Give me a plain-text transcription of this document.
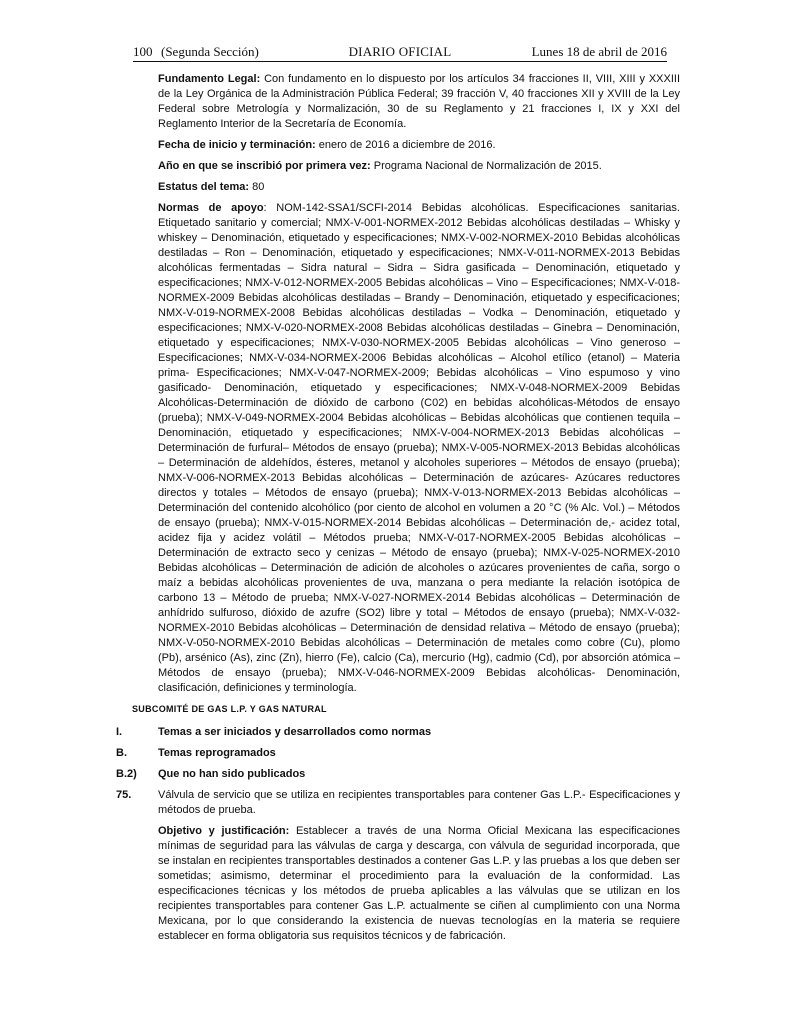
100 (Segunda Sección)	DIARIO OFICIAL	Lunes 18 de abril de 2016

Fundamento Legal: Con fundamento en lo dispuesto por los artículos 34 fracciones II, VIII, XIII y XXXIII de la Ley Orgánica de la Administración Pública Federal; 39 fracción V, 40 fracciones XII y XVIII de la Ley Federal sobre Metrología y Normalización, 30 de su Reglamento y 21 fracciones I, IX y XXI del Reglamento Interior de la Secretaría de Economía.

Fecha de inicio y terminación: enero de 2016 a diciembre de 2016.

Año en que se inscribió por primera vez: Programa Nacional de Normalización de 2015.

Estatus del tema: 80

Normas de apoyo: NOM-142-SSA1/SCFI-2014 Bebidas alcohólicas. Especificaciones sanitarias. Etiquetado sanitario y comercial; NMX-V-001-NORMEX-2012 Bebidas alcohólicas destiladas – Whisky y whiskey – Denominación, etiquetado y especificaciones; NMX-V-002-NORMEX-2010 Bebidas alcohólicas destiladas – Ron – Denominación, etiquetado y especificaciones; NMX-V-011-NORMEX-2013 Bebidas alcohólicas fermentadas – Sidra natural – Sidra – Sidra gasificada – Denominación, etiquetado y especificaciones; NMX-V-012-NORMEX-2005 Bebidas alcohólicas – Vino – Especificaciones; NMX-V-018-NORMEX-2009 Bebidas alcohólicas destiladas – Brandy – Denominación, etiquetado y especificaciones; NMX-V-019-NORMEX-2008 Bebidas alcohólicas destiladas – Vodka – Denominación, etiquetado y especificaciones; NMX-V-020-NORMEX-2008 Bebidas alcohólicas destiladas – Ginebra – Denominación, etiquetado y especificaciones; NMX-V-030-NORMEX-2005 Bebidas alcohólicas – Vino generoso – Especificaciones; NMX-V-034-NORMEX-2006 Bebidas alcohólicas – Alcohol etílico (etanol) – Materia prima- Especificaciones; NMX-V-047-NORMEX-2009; Bebidas alcohólicas – Vino espumoso y vino gasificado- Denominación, etiquetado y especificaciones; NMX-V-048-NORMEX-2009 Bebidas Alcohólicas-Determinación de dióxido de carbono (C02) en bebidas alcohólicas-Métodos de ensayo (prueba); NMX-V-049-NORMEX-2004 Bebidas alcohólicas – Bebidas alcohólicas que contienen tequila – Denominación, etiquetado y especificaciones; NMX-V-004-NORMEX-2013 Bebidas alcohólicas – Determinación de furfural– Métodos de ensayo (prueba); NMX-V-005-NORMEX-2013 Bebidas alcohólicas – Determinación de aldehídos, ésteres, metanol y alcoholes superiores – Métodos de ensayo (prueba); NMX-V-006-NORMEX-2013 Bebidas alcohólicas – Determinación de azúcares- Azúcares reductores directos y totales – Métodos de ensayo (prueba); NMX-V-013-NORMEX-2013 Bebidas alcohólicas – Determinación del contenido alcohólico (por ciento de alcohol en volumen a 20 °C (% Alc. Vol.) – Métodos de ensayo (prueba); NMX-V-015-NORMEX-2014 Bebidas alcohólicas – Determinación de,- acidez total, acidez fija y acidez volátil – Métodos prueba; NMX-V-017-NORMEX-2005 Bebidas alcohólicas – Determinación de extracto seco y cenizas – Método de ensayo (prueba); NMX-V-025-NORMEX-2010 Bebidas alcohólicas – Determinación de adición de alcoholes o azúcares provenientes de caña, sorgo o maíz a bebidas alcohólicas provenientes de uva, manzana o pera mediante la relación isotópica de carbono 13 – Método de prueba; NMX-V-027-NORMEX-2014 Bebidas alcohólicas – Determinación de anhídrido sulfuroso, dióxido de azufre (SO2) libre y total – Métodos de ensayo (prueba); NMX-V-032-NORMEX-2010 Bebidas alcohólicas – Determinación de densidad relativa – Método de ensayo (prueba); NMX-V-050-NORMEX-2010 Bebidas alcohólicas – Determinación de metales como cobre (Cu), plomo (Pb), arsénico (As), zinc (Zn), hierro (Fe), calcio (Ca), mercurio (Hg), cadmio (Cd), por absorción atómica – Métodos de ensayo (prueba); NMX-V-046-NORMEX-2009 Bebidas alcohólicas- Denominación, clasificación, definiciones y terminología.

SUBCOMITÉ DE GAS L.P. Y GAS NATURAL

I.	Temas a ser iniciados y desarrollados como normas
B.	Temas reprogramados
B.2) Que no han sido publicados
75. Válvula de servicio que se utiliza en recipientes transportables para contener Gas L.P.- Especificaciones y métodos de prueba.

Objetivo y justificación: Establecer a través de una Norma Oficial Mexicana las especificaciones mínimas de seguridad para las válvulas de carga y descarga, con válvula de seguridad incorporada, que se instalan en recipientes transportables destinados a contener Gas L.P. y las pruebas a los que deben ser sometidas; asimismo, determinar el procedimiento para la evaluación de la conformidad. Las especificaciones técnicas y los métodos de prueba aplicables a las válvulas que se utilizan en los recipientes transportables para contener Gas L.P. actualmente se ciñen al cumplimiento con una Norma Mexicana, por lo que considerando la existencia de nuevas tecnologías en la materia se requiere establecer en forma obligatoria sus requisitos técnicos y de fabricación.
